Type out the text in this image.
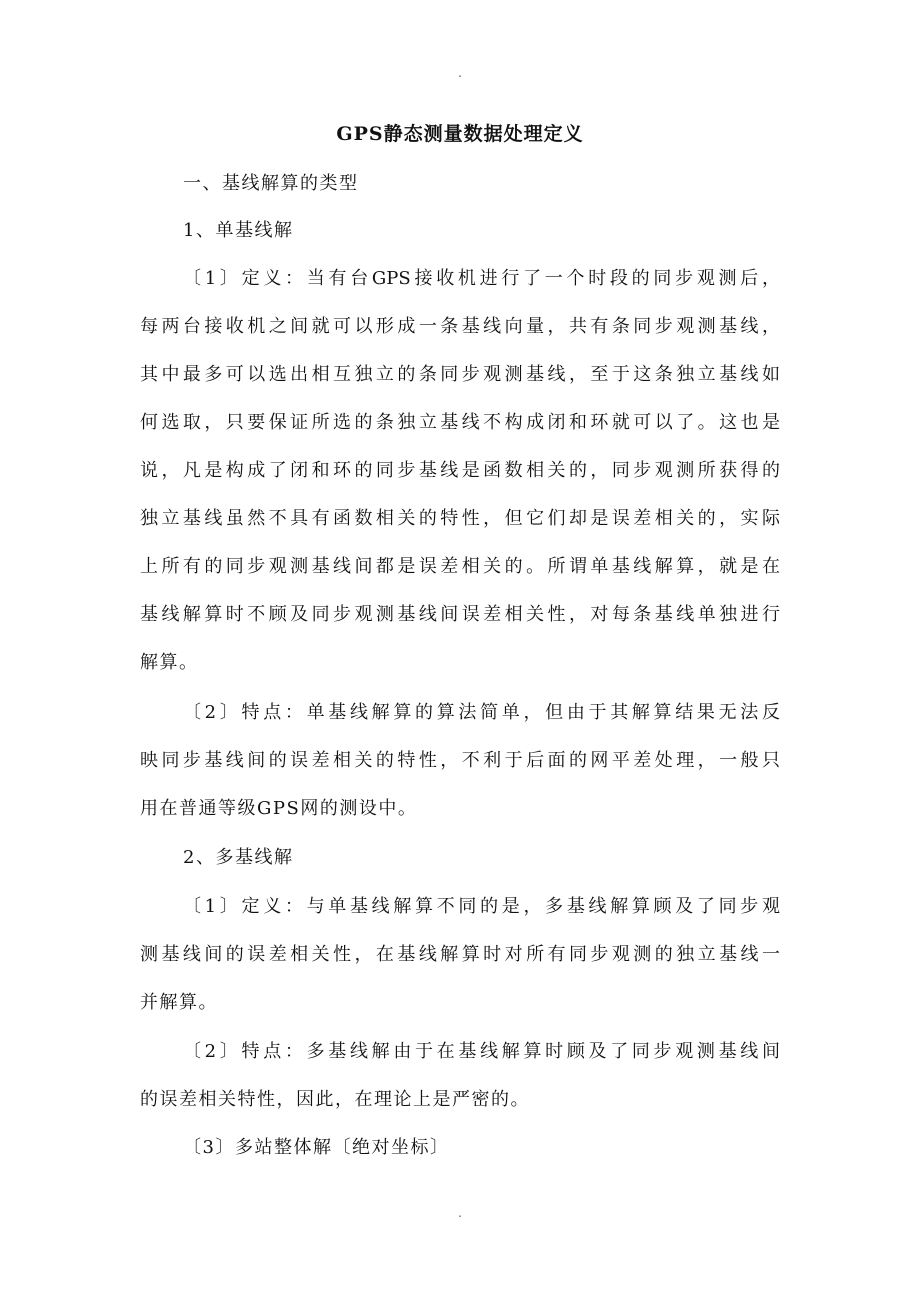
.
GPS静态测量数据处理定义
一、基线解算的类型
1、单基线解
〔1〕定义：当有台GPS接收机进行了一个时段的同步观测后，
每两台接收机之间就可以形成一条基线向量，共有条同步观测基线，
其中最多可以选出相互独立的条同步观测基线，至于这条独立基线如
何选取，只要保证所选的条独立基线不构成闭和环就可以了。这也是
说，凡是构成了闭和环的同步基线是函数相关的，同步观测所获得的
独立基线虽然不具有函数相关的特性，但它们却是误差相关的，实际
上所有的同步观测基线间都是误差相关的。所谓单基线解算，就是在
基线解算时不顾及同步观测基线间误差相关性，对每条基线单独进行
解算。
〔2〕特点：单基线解算的算法简单，但由于其解算结果无法反
映同步基线间的误差相关的特性，不利于后面的网平差处理，一般只
用在普通等级GPS网的测设中。
2、多基线解
〔1〕定义：与单基线解算不同的是，多基线解算顾及了同步观
测基线间的误差相关性，在基线解算时对所有同步观测的独立基线一
并解算。
〔2〕特点：多基线解由于在基线解算时顾及了同步观测基线间
的误差相关特性，因此，在理论上是严密的。
〔3〕多站整体解〔绝对坐标〕
.
